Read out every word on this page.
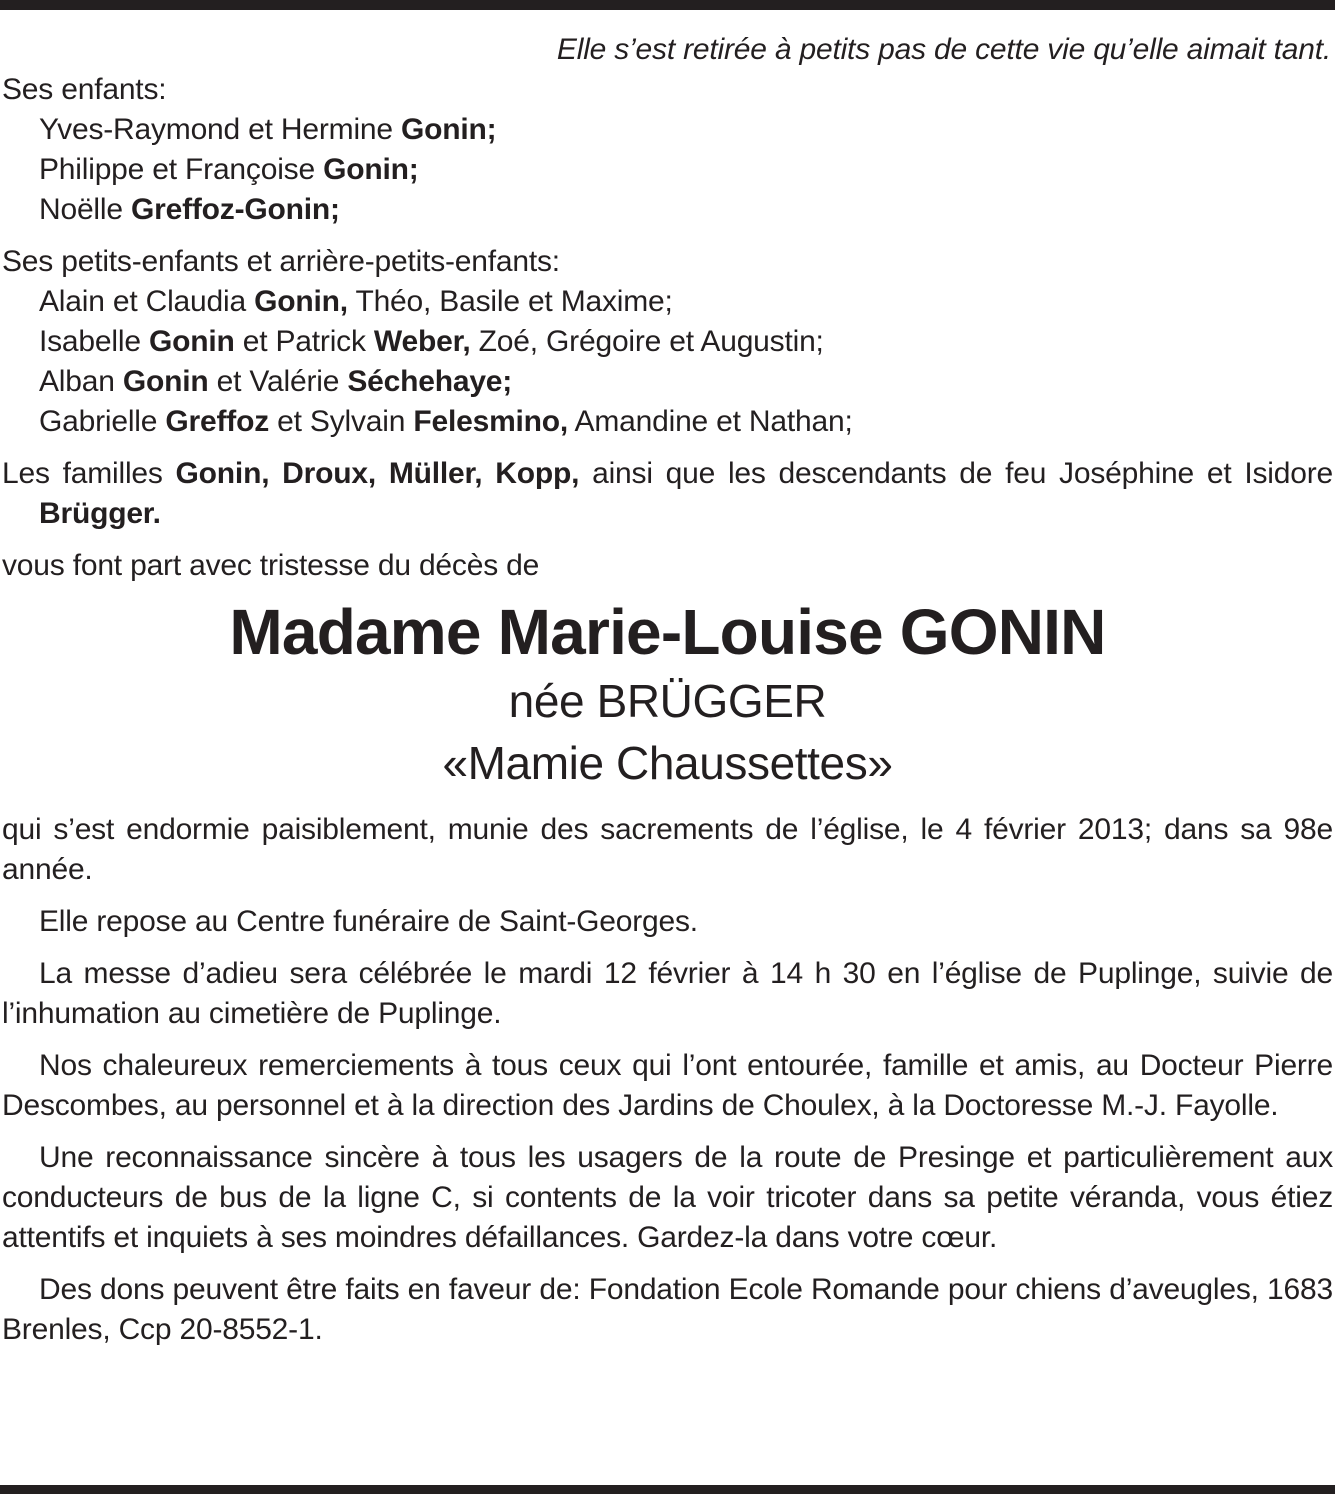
Elle s’est retirée à petits pas de cette vie qu’elle aimait tant.

Ses enfants:

Yves-Raymond et Hermine Gonin;

Philippe et Françoise Gonin;

Noëlle Greffoz-Gonin;

Ses petits-enfants et arrière-petits-enfants:

Alain et Claudia Gonin, Théo, Basile et Maxime;

Isabelle Gonin et Patrick Weber, Zoé, Grégoire et Augustin;

Alban Gonin et Valérie Séchehaye;

Gabrielle Greffoz et Sylvain Felesmino, Amandine et Nathan;

Les familles Gonin, Droux, Müller, Kopp, ainsi que les descendants de feu Joséphine et Isidore Brügger.

vous font part avec tristesse du décès de

Madame Marie-Louise GONIN

née BRÜGGER

«Mamie Chaussettes»

qui s’est endormie paisiblement, munie des sacrements de l’église, le 4 février 2013; dans sa 98e année.

Elle repose au Centre funéraire de Saint-Georges.

La messe d’adieu sera célébrée le mardi 12 février à 14 h 30 en l’église de Puplinge, suivie de l’inhumation au cimetière de Puplinge.

Nos chaleureux remerciements à tous ceux qui l’ont entourée, famille et amis, au Docteur Pierre Descombes, au personnel et à la direction des Jardins de Choulex, à la Doctoresse M.-J. Fayolle.

Une reconnaissance sincère à tous les usagers de la route de Presinge et particulièrement aux conducteurs de bus de la ligne C, si contents de la voir tricoter dans sa petite véranda, vous étiez attentifs et inquiets à ses moindres défaillances. Gardez-la dans votre cœur.

Des dons peuvent être faits en faveur de: Fondation Ecole Romande pour chiens d’aveugles, 1683 Brenles, Ccp 20-8552-1.
